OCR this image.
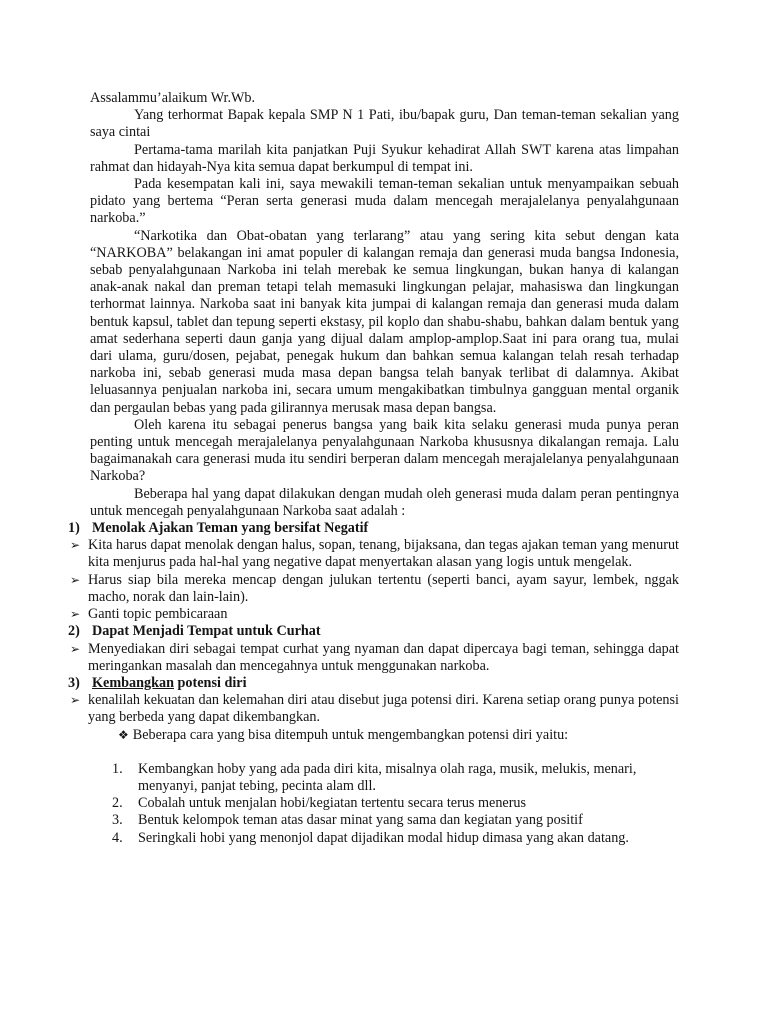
Assalammu’alaikum Wr.Wb.

Yang terhormat Bapak kepala SMP N 1 Pati, ibu/bapak guru, Dan teman-teman sekalian yang saya cintai

Pertama-tama marilah kita panjatkan Puji Syukur kehadirat Allah SWT karena atas limpahan rahmat dan hidayah-Nya kita semua dapat berkumpul di tempat ini.

Pada kesempatan kali ini, saya mewakili teman-teman sekalian untuk menyampaikan sebuah pidato yang bertema “Peran serta generasi muda dalam mencegah merajalelanya penyalahgunaan narkoba.”

“Narkotika dan Obat-obatan yang terlarang” atau yang sering kita sebut dengan kata “NARKOBA” belakangan ini amat populer di kalangan remaja dan generasi muda bangsa Indonesia, sebab penyalahgunaan Narkoba ini telah merebak ke semua lingkungan, bukan hanya di kalangan anak-anak nakal dan preman tetapi telah memasuki lingkungan pelajar, mahasiswa dan lingkungan terhormat lainnya. Narkoba saat ini banyak kita jumpai di kalangan remaja dan generasi muda dalam bentuk kapsul, tablet dan tepung seperti ekstasy, pil koplo dan shabu-shabu, bahkan dalam bentuk yang amat sederhana seperti daun ganja yang dijual dalam amplop-amplop.Saat ini para orang tua, mulai dari ulama, guru/dosen, pejabat, penegak hukum dan bahkan semua kalangan telah resah terhadap narkoba ini, sebab generasi muda masa depan bangsa telah banyak terlibat di dalamnya. Akibat leluasannya penjualan narkoba ini, secara umum mengakibatkan timbulnya gangguan mental organik dan pergaulan bebas yang pada gilirannya merusak masa depan bangsa.

Oleh karena itu sebagai penerus bangsa yang baik kita selaku generasi muda punya peran penting untuk mencegah merajalelanya penyalahgunaan Narkoba khususnya dikalangan remaja. Lalu bagaimanakah cara generasi muda itu sendiri berperan dalam mencegah merajalelanya penyalahgunaan Narkoba?

Beberapa hal yang dapat dilakukan dengan mudah oleh generasi muda dalam peran pentingnya untuk mencegah penyalahgunaan Narkoba saat adalah :

1) Menolak Ajakan Teman yang bersifat Negatif
➢ Kita harus dapat menolak dengan halus, sopan, tenang, bijaksana, dan tegas ajakan teman yang menurut kita menjurus pada hal-hal yang negative dapat menyertakan alasan yang logis untuk mengelak.
➢ Harus siap bila mereka mencap dengan julukan tertentu (seperti banci, ayam sayur, lembek, nggak macho, norak dan lain-lain).
➢ Ganti topic pembicaraan
2) Dapat Menjadi Tempat untuk Curhat
➢ Menyediakan diri sebagai tempat curhat yang nyaman dan dapat dipercaya bagi teman, sehingga dapat meringankan masalah dan mencegahnya untuk menggunakan narkoba.
3) Kembangkan potensi diri
➢ kenalilah kekuatan dan kelemahan diri atau disebut juga potensi diri. Karena setiap orang punya potensi yang berbeda yang dapat dikembangkan.
❖ Beberapa cara yang bisa ditempuh untuk mengembangkan potensi diri yaitu:
1.	Kembangkan hoby yang ada pada diri kita, misalnya olah raga, musik, melukis, menari, menyanyi, panjat tebing, pecinta alam dll.
2.	Cobalah untuk menjalan hobi/kegiatan tertentu secara terus menerus
3.	Bentuk kelompok teman atas dasar minat yang sama dan kegiatan yang positif
4.	Seringkali hobi yang menonjol dapat dijadikan modal hidup dimasa yang akan datang.
